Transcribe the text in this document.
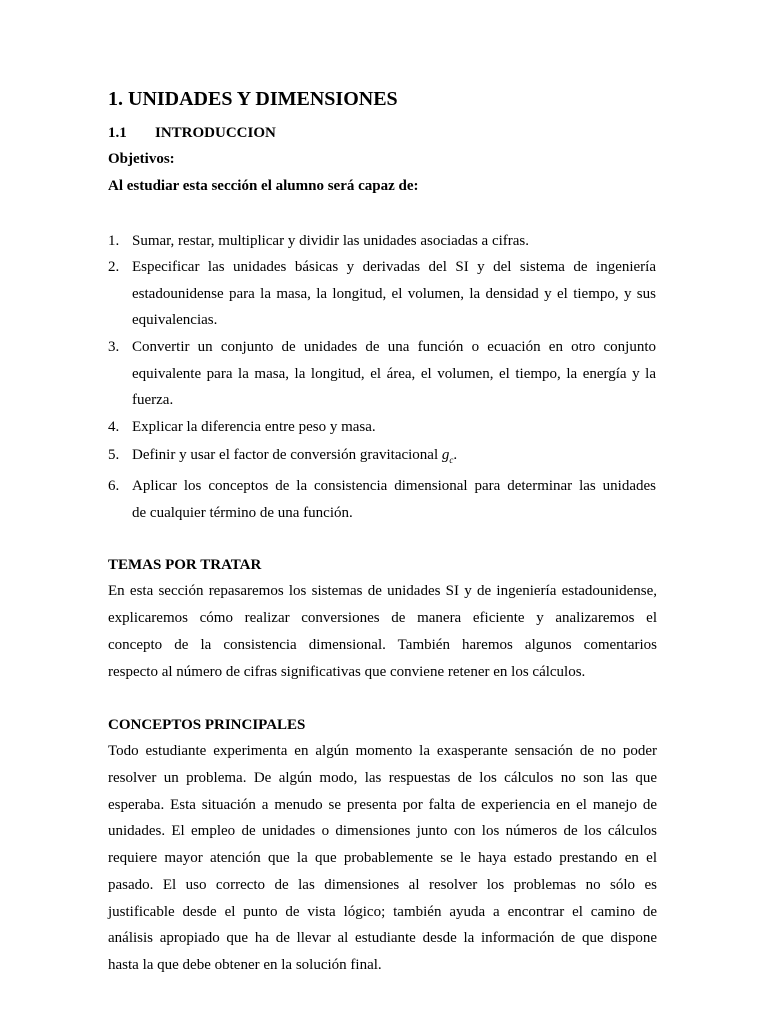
1. UNIDADES Y DIMENSIONES
1.1 INTRODUCCION
Objetivos:
Al estudiar esta sección el alumno será capaz de:
1. Sumar, restar, multiplicar y dividir las unidades asociadas a cifras.
2. Especificar las unidades básicas y derivadas del SI y del sistema de ingeniería
estadounidense para la masa, la longitud, el volumen, la densidad y el tiempo, y sus
equivalencias.
3. Convertir un conjunto de unidades de una función o ecuación en otro conjunto
equivalente para la masa, la longitud, el área, el volumen, el tiempo, la energía y la
fuerza.
4. Explicar la diferencia entre peso y masa.
5. Definir y usar el factor de conversión gravitacional $g_c$.
6. Aplicar los conceptos de la consistencia dimensional para determinar las unidades
de cualquier término de una función.
TEMAS POR TRATAR
En esta sección repasaremos los sistemas de unidades SI y de ingeniería estadounidense,
explicaremos cómo realizar conversiones de manera eficiente y analizaremos el
concepto de la consistencia dimensional. También haremos algunos comentarios
respecto al número de cifras significativas que conviene retener en los cálculos.
CONCEPTOS PRINCIPALES
Todo estudiante experimenta en algún momento la exasperante sensación de no poder
resolver un problema. De algún modo, las respuestas de los cálculos no son las que
esperaba. Esta situación a menudo se presenta por falta de experiencia en el manejo de
unidades. El empleo de unidades o dimensiones junto con los números de los cálculos
requiere mayor atención que la que probablemente se le haya estado prestando en el
pasado. El uso correcto de las dimensiones al resolver los problemas no sólo es
justificable desde el punto de vista lógico; también ayuda a encontrar el camino de
análisis apropiado que ha de llevar al estudiante desde la información de que dispone
hasta la que debe obtener en la solución final.
